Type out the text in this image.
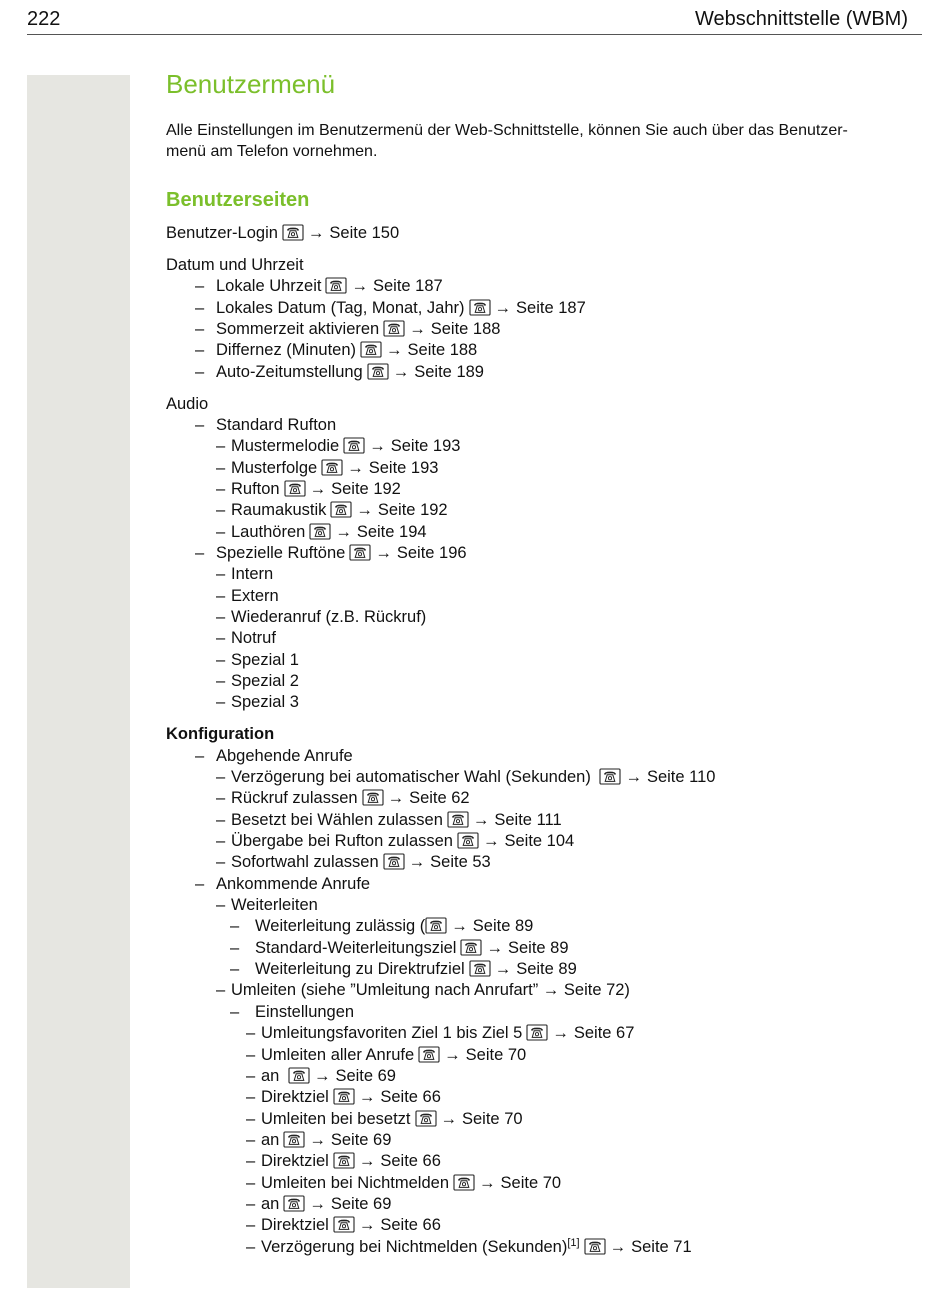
222	Webschnittstelle (WBM)
Benutzermenü

Alle Einstellungen im Benutzermenü der Web-Schnittstelle, können Sie auch über das Benutzer-
menü am Telefon vornehmen.

Benutzerseiten
Benutzer-Login → Seite 150
Datum und Uhrzeit
– Lokale Uhrzeit → Seite 187
– Lokales Datum (Tag, Monat, Jahr) → Seite 187
– Sommerzeit aktivieren → Seite 188
– Differnez (Minuten) → Seite 188
– Auto-Zeitumstellung → Seite 189
Audio
– Standard Rufton
– Mustermelodie → Seite 193
– Musterfolge → Seite 193
– Rufton → Seite 192
– Raumakustik → Seite 192
– Lauthören → Seite 194
– Spezielle Ruftöne → Seite 196
– Intern
– Extern
– Wiederanruf (z.B. Rückruf)
– Notruf
– Spezial 1
– Spezial 2
– Spezial 3
Konfiguration
– Abgehende Anrufe
– Verzögerung bei automatischer Wahl (Sekunden) → Seite 110
– Rückruf zulassen → Seite 62
– Besetzt bei Wählen zulassen → Seite 111
– Übergabe bei Rufton zulassen → Seite 104
– Sofortwahl zulassen → Seite 53
– Ankommende Anrufe
– Weiterleiten
– Weiterleitung zulässig ( → Seite 89
– Standard-Weiterleitungsziel → Seite 89
– Weiterleitung zu Direktrufziel → Seite 89
– Umleiten (siehe ”Umleitung nach Anrufart” → Seite 72)
– Einstellungen
– Umleitungsfavoriten Ziel 1 bis Ziel 5 → Seite 67
– Umleiten aller Anrufe → Seite 70
– an → Seite 69
– Direktziel → Seite 66
– Umleiten bei besetzt → Seite 70
– an → Seite 69
– Direktziel → Seite 66
– Umleiten bei Nichtmelden → Seite 70
– an → Seite 69
– Direktziel → Seite 66
– Verzögerung bei Nichtmelden (Sekunden)[1] → Seite 71
